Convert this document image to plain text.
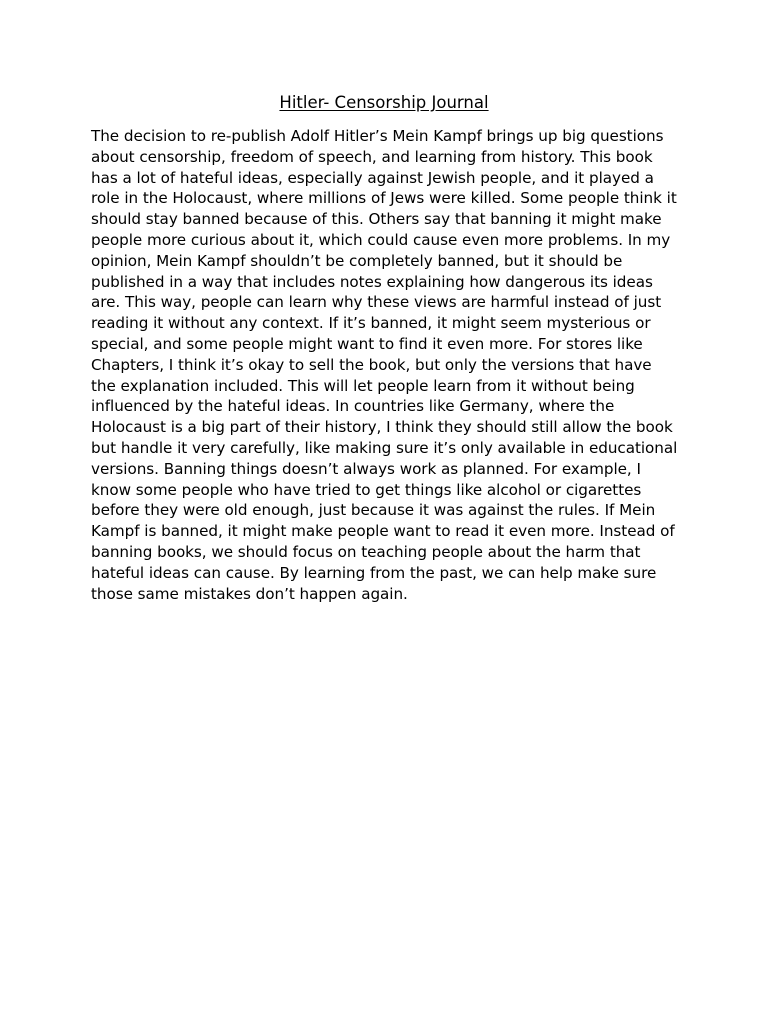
Hitler- Censorship Journal

The decision to re-publish Adolf Hitler’s Mein Kampf brings up big questions about censorship, freedom of speech, and learning from history. This book has a lot of hateful ideas, especially against Jewish people, and it played a role in the Holocaust, where millions of Jews were killed. Some people think it should stay banned because of this. Others say that banning it might make people more curious about it, which could cause even more problems. In my opinion, Mein Kampf shouldn’t be completely banned, but it should be published in a way that includes notes explaining how dangerous its ideas are. This way, people can learn why these views are harmful instead of just reading it without any context. If it’s banned, it might seem mysterious or special, and some people might want to find it even more. For stores like Chapters, I think it’s okay to sell the book, but only the versions that have the explanation included. This will let people learn from it without being influenced by the hateful ideas. In countries like Germany, where the Holocaust is a big part of their history, I think they should still allow the book but handle it very carefully, like making sure it’s only available in educational versions. Banning things doesn’t always work as planned. For example, I know some people who have tried to get things like alcohol or cigarettes before they were old enough, just because it was against the rules. If Mein Kampf is banned, it might make people want to read it even more. Instead of banning books, we should focus on teaching people about the harm that hateful ideas can cause. By learning from the past, we can help make sure those same mistakes don’t happen again.
